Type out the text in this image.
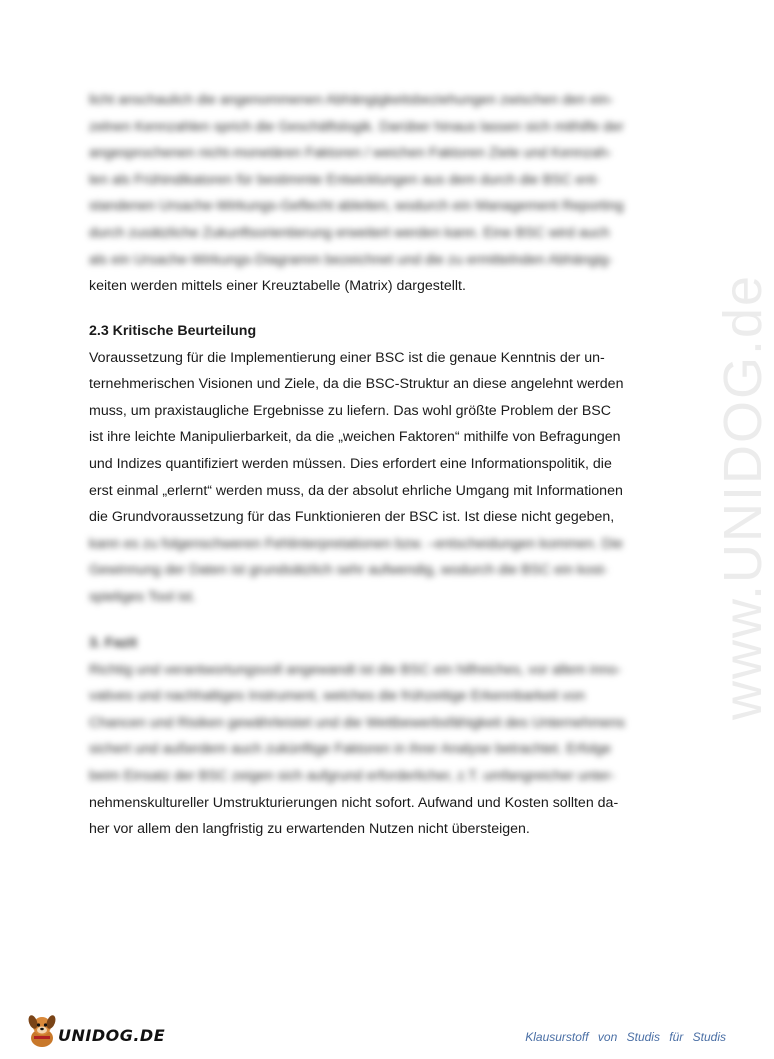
www.UNIDOG.de
licht anschaulich die angenommenen Abhängigkeitsbeziehungen zwischen den ein-
zelnen Kennzahlen sprich die Geschäftslogik. Darüber hinaus lassen sich mithilfe der
angesprochenen nicht-monetären Faktoren / weichen Faktoren Ziele und Kennzah-
len als Frühindikatoren für bestimmte Entwicklungen aus dem durch die BSC ent-
standenen Ursache-Wirkungs-Geflecht ableiten, wodurch ein Management Reporting
durch zusätzliche Zukunftsorientierung erweitert werden kann. Eine BSC wird auch
als ein Ursache-Wirkungs-Diagramm bezeichnet und die zu ermittelnden Abhängig-
keiten werden mittels einer Kreuztabelle (Matrix) dargestellt.
2.3 Kritische Beurteilung
Voraussetzung für die Implementierung einer BSC ist die genaue Kenntnis der un-
ternehmerischen Visionen und Ziele, da die BSC-Struktur an diese angelehnt werden
muss, um praxistaugliche Ergebnisse zu liefern. Das wohl größte Problem der BSC
ist ihre leichte Manipulierbarkeit, da die „weichen Faktoren“ mithilfe von Befragungen
und Indizes quantifiziert werden müssen. Dies erfordert eine Informationspolitik, die
erst einmal „erlernt“ werden muss, da der absolut ehrliche Umgang mit Informationen
die Grundvoraussetzung für das Funktionieren der BSC ist. Ist diese nicht gegeben,
kann es zu folgenschweren Fehlinterpretationen bzw. –entscheidungen kommen. Die
Gewinnung der Daten ist grundsätzlich sehr aufwendig, wodurch die BSC ein kost-
spieliges Tool ist.
3. Fazit
Richtig und verantwortungsvoll angewandt ist die BSC ein hilfreiches, vor allem inno-
vatives und nachhaltiges Instrument, welches die frühzeitige Erkennbarkeit von
Chancen und Risiken gewährleistet und die Wettbewerbsfähigkeit des Unternehmens
sichert und außerdem auch zukünftige Faktoren in ihrer Analyse betrachtet. Erfolge
beim Einsatz der BSC zeigen sich aufgrund erforderlicher, z.T. umfangreicher unter-
nehmenskultureller Umstrukturierungen nicht sofort. Aufwand und Kosten sollten da-
her vor allem den langfristig zu erwartenden Nutzen nicht übersteigen.
UNIDOG.DE	Klausurstoff von Studis für Studis
